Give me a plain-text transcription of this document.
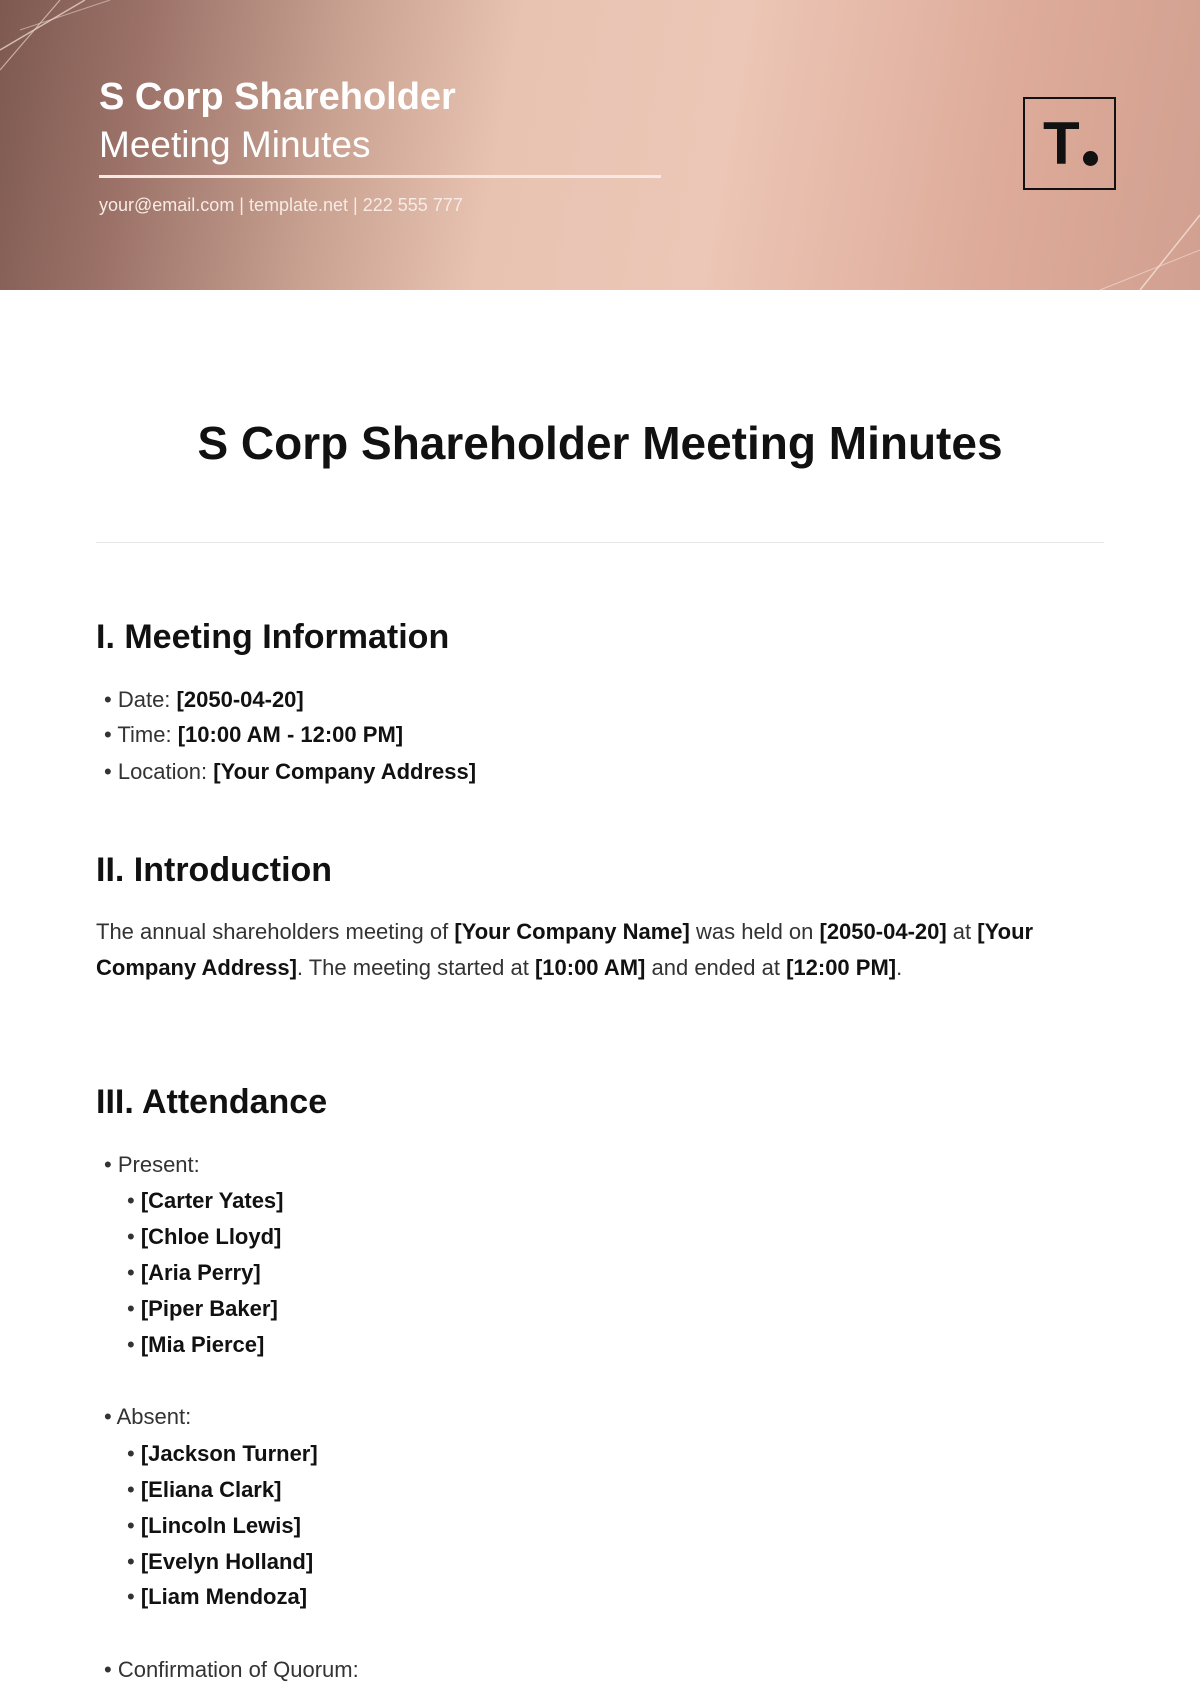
S Corp Shareholder
Meeting Minutes
your@email.com | template.net | 222 555 777
T
S Corp Shareholder Meeting Minutes
I. Meeting Information
• Date: [2050-04-20]
• Time: [10:00 AM - 12:00 PM]
• Location: [Your Company Address]
II. Introduction

The annual shareholders meeting of [Your Company Name] was held on [2050-04-20] at [Your Company Address]. The meeting started at [10:00 AM] and ended at [12:00 PM].

III. Attendance
• Present:
• [Carter Yates]
• [Chloe Lloyd]
• [Aria Perry]
• [Piper Baker]
• [Mia Pierce]
• Absent:
• [Jackson Turner]
• [Eliana Clark]
• [Lincoln Lewis]
• [Evelyn Holland]
• [Liam Mendoza]
• Confirmation of Quorum:
